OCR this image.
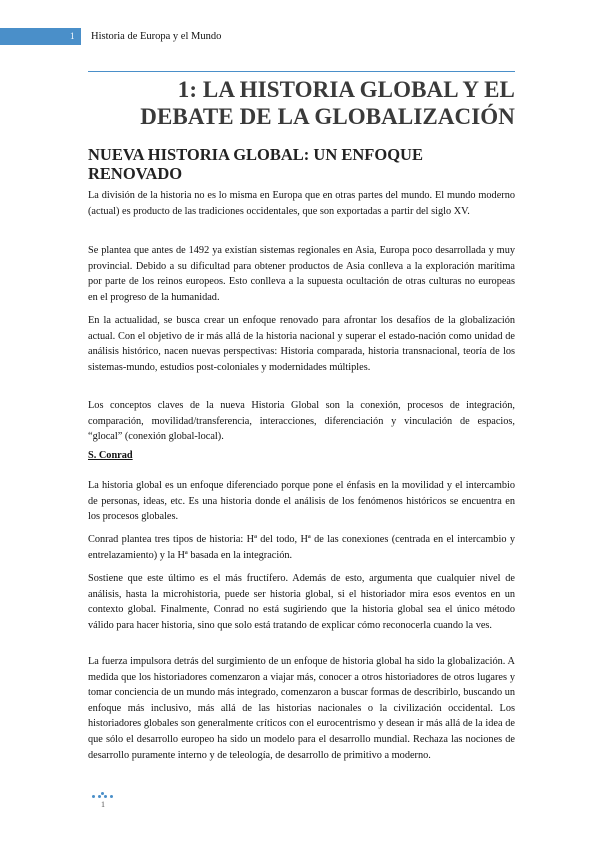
1	Historia de Europa y el Mundo
1: LA HISTORIA GLOBAL Y EL
DEBATE DE LA GLOBALIZACIÓN
NUEVA HISTORIA GLOBAL: UN ENFOQUE
RENOVADO

La división de la historia no es lo misma en Europa que en otras partes del mundo. El mundo moderno (actual) es producto de las tradiciones occidentales, que son exportadas a partir del siglo XV.

Se plantea que antes de 1492 ya existían sistemas regionales en Asia, Europa poco desarrollada y muy provincial. Debido a su dificultad para obtener productos de Asia conlleva a la exploración marítima por parte de los reinos europeos. Esto conlleva a la supuesta ocultación de otras culturas no europeas en el progreso de la humanidad.

En la actualidad, se busca crear un enfoque renovado para afrontar los desafíos de la globalización actual. Con el objetivo de ir más allá de la historia nacional y superar el estado-nación como unidad de análisis histórico, nacen nuevas perspectivas: Historia comparada, historia transnacional, teoría de los sistemas-mundo, estudios post-coloniales y modernidades múltiples.

Los conceptos claves de la nueva Historia Global son la conexión, procesos de integración, comparación, movilidad/transferencia, interacciones, diferenciación y vinculación de espacios, “glocal” (conexión global-local).

S. Conrad

La historia global es un enfoque diferenciado porque pone el énfasis en la movilidad y el intercambio de personas, ideas, etc. Es una historia donde el análisis de los fenómenos históricos se encuentra en los procesos globales.

Conrad plantea tres tipos de historia: Hª del todo, Hª de las conexiones (centrada en el intercambio y entrelazamiento) y la Hª basada en la integración.

Sostiene que este último es el más fructífero. Además de esto, argumenta que cualquier nivel de análisis, hasta la microhistoria, puede ser historia global, si el historiador mira esos eventos en un contexto global. Finalmente, Conrad no está sugiriendo que la historia global sea el único método válido para hacer historia, sino que solo está tratando de explicar cómo reconocerla cuando la ves.

La fuerza impulsora detrás del surgimiento de un enfoque de historia global ha sido la globalización. A medida que los historiadores comenzaron a viajar más, conocer a otros historiadores de otros lugares y tomar conciencia de un mundo más integrado, comenzaron a buscar formas de describirlo, buscando un enfoque más inclusivo, más allá de las historias nacionales o la civilización occidental. Los historiadores globales son generalmente críticos con el eurocentrismo y desean ir más allá de la idea de que sólo el desarrollo europeo ha sido un modelo para el desarrollo mundial. Rechaza las nociones de desarrollo puramente interno y de teleología, de desarrollo de primitivo a moderno.

1
